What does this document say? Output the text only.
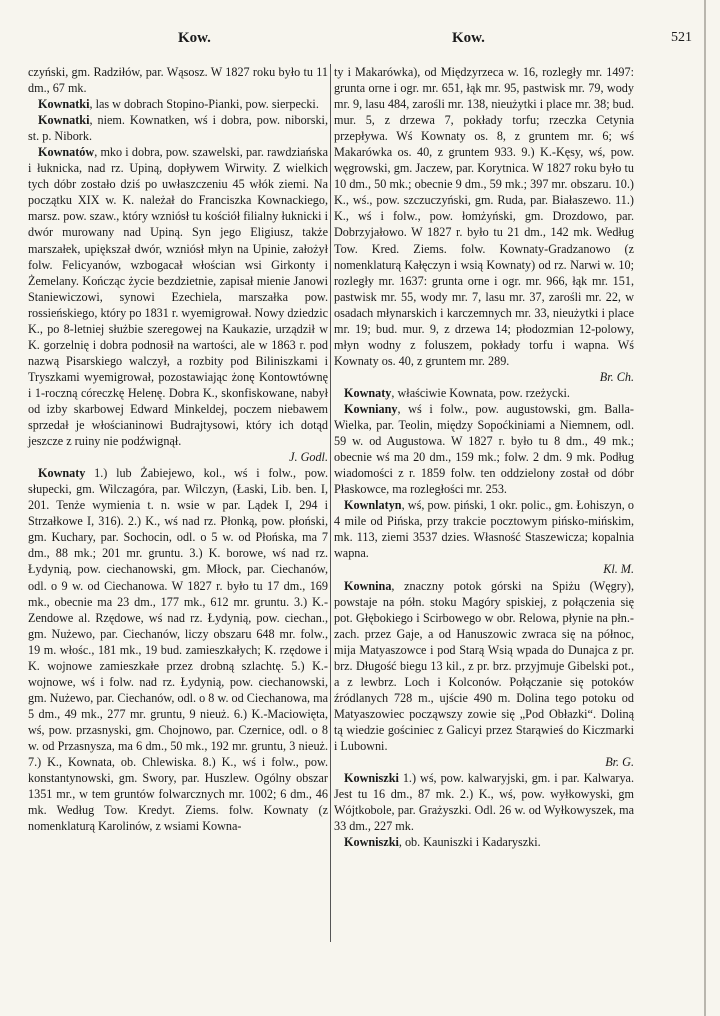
Kow.	Kow.	521

czyński, gm. Radziłów, par. Wąsosz. W 1827 roku było tu 11 dm., 67 mk.

Kownatki, las w dobrach Stopino-Pianki, pow. sierpecki.

Kownatki, niem. Kownatken, wś i dobra, pow. niborski, st. p. Nibork.

Kownatów, mko i dobra, pow. szawelski, par. rawdziańska i łuknicka, nad rz. Upiną, dopływem Wirwity. Z wielkich tych dóbr zostało dziś po uwłaszczeniu 45 włók ziemi. Na początku XIX w. K. należał do Franciszka Kownackiego, marsz. pow. szaw., który wzniósł tu kościół filialny łuknicki i dwór murowany nad Upiną. Syn jego Eligiusz, także marszałek, upiększał dwór, wzniósł młyn na Upinie, założył folw. Felicyanów, wzbogacał włościan wsi Girkonty i Żemelany. Kończąc życie bezdzietnie, zapisał mienie Janowi Staniewiczowi, synowi Ezechiela, marszałka pow. rossieńskiego, który po 1831 r. wyemigrował. Nowy dziedzic K., po 8-letniej służbie szeregowej na Kaukazie, urządził w K. gorzelnię i dobra podnosił na wartości, ale w 1863 r. pod nazwą Pisarskiego walczył, a rozbity pod Biliniszkami i Tryszkami wyemigrował, pozostawiając żonę Kontowtównę i 1-roczną córeczkę Helenę. Dobra K., skonfiskowane, nabył od izby skarbowej Edward Minkeldej, poczem niebawem sprzedał je włościaninowi Budrajtysowi, który ich dotąd jeszcze z ruiny nie podźwignął.
J. Godl.

Kownaty 1.) lub Żabiejewo, kol., wś i folw., pow. słupecki, gm. Wilczagóra, par. Wilczyn, (Łaski, Lib. ben. I, 201. Tenże wymienia t. n. wsie w par. Lądek I, 294 i Strzałkowe I, 316). 2.) K., wś nad rz. Płonką, pow. płoński, gm. Kuchary, par. Sochocin, odl. o 5 w. od Płońska, ma 7 dm., 88 mk.; 201 mr. gruntu. 3.) K. borowe, wś nad rz. Łydynią, pow. ciechanowski, gm. Młock, par. Ciechanów, odl. o 9 w. od Ciechanowa. W 1827 r. było tu 17 dm., 169 mk., obecnie ma 23 dm., 177 mk., 612 mr. gruntu. 3.) K.-Zendowe al. Rzędowe, wś nad rz. Łydynią, pow. ciechan., gm. Nużewo, par. Ciechanów, liczy obszaru 648 mr. folw., 19 m. włośc., 181 mk., 19 bud. zamieszkałych; K. rzędowe i K. wojnowe zamieszkałe przez drobną szlachtę. 5.) K.-wojnowe, wś i folw. nad rz. Łydynią, pow. ciechanowski, gm. Nużewo, par. Ciechanów, odl. o 8 w. od Ciechanowa, ma 5 dm., 49 mk., 277 mr. gruntu, 9 nieuż. 6.) K.-Maciowięta, wś, pow. przasnyski, gm. Chojnowo, par. Czernice, odl. o 8 w. od Przasnysza, ma 6 dm., 50 mk., 192 mr. gruntu, 3 nieuż. 7.) K., Kownata, ob. Chlewiska. 8.) K., wś i folw., pow. konstantynowski, gm. Swory, par. Huszlew. Ogólny obszar 1351 mr., w tem gruntów folwarcznych mr. 1002; 6 dm., 46 mk. Według Tow. Kredyt. Ziems. folw. Kownaty (z nomenklaturą Karolinów, z wsiami Kowna-

ty i Makarówka), od Międzyrzeca w. 16, rozległy mr. 1497: grunta orne i ogr. mr. 651, łąk mr. 95, pastwisk mr. 79, wody mr. 9, lasu 484, zarośli mr. 138, nieużytki i place mr. 38; bud. mur. 5, z drzewa 7, pokłady torfu; rzeczka Cetynia przepływa. Wś Kownaty os. 8, z gruntem mr. 6; wś Makarówka os. 40, z gruntem 933. 9.) K.-Kęsy, wś, pow. węgrowski, gm. Jaczew, par. Korytnica. W 1827 roku było tu 10 dm., 50 mk.; obecnie 9 dm., 59 mk.; 397 mr. obszaru. 10.) K., wś., pow. szczuczyński, gm. Ruda, par. Białaszewo. 11.) K., wś i folw., pow. łomżyński, gm. Drozdowo, par. Dobrzyjałowo. W 1827 r. było tu 21 dm., 142 mk. Według Tow. Kred. Ziems. folw. Kownaty-Gradzanowo (z nomenklaturą Kałęczyn i wsią Kownaty) od rz. Narwi w. 10; rozległy mr. 1637: grunta orne i ogr. mr. 966, łąk mr. 151, pastwisk mr. 55, wody mr. 7, lasu mr. 37, zarośli mr. 22, w osadach młynarskich i karczemnych mr. 33, nieużytki i place mr. 19; bud. mur. 9, z drzewa 14; płodozmian 12-polowy, młyn wodny z foluszem, pokłady torfu i wapna. Wś Kownaty os. 40, z gruntem mr. 289.
Br. Ch.

Kownaty, właściwie Kownata, pow. rzeżycki.

Kowniany, wś i folw., pow. augustowski, gm. Balla-Wielka, par. Teolin, między Sopoćkiniami a Niemnem, odl. 59 w. od Augustowa. W 1827 r. było tu 8 dm., 49 mk.; obecnie wś ma 20 dm., 159 mk.; folw. 2 dm. 9 mk. Podług wiadomości z r. 1859 folw. ten oddzielony został od dóbr Płaskowce, ma rozległości mr. 253.

Kownlatyn, wś, pow. piński, 1 okr. polic., gm. Łohiszyn, o 4 mile od Pińska, przy trakcie pocztowym pińsko-mińskim, mk. 113, ziemi 3537 dzies. Własność Staszewicza; kopalnia wapna.
Kl. M.

Kownina, znaczny potok górski na Spiżu (Węgry), powstaje na półn. stoku Magóry spiskiej, z połączenia się pot. Głębokiego i Scirbowego w obr. Relowa, płynie na płn.-zach. przez Gaje, a od Hanuszowic zwraca się na północ, mija Matyaszowce i pod Starą Wsią wpada do Dunajca z pr. brz. Długość biegu 13 kil., z pr. brz. przyjmuje Gibelski pot., a z lewbrz. Loch i Kolconów. Połączanie się potoków źródlanych 728 m., ujście 490 m. Dolina tego potoku od Matyaszowiec począwszy zowie się „Pod Obłazki“. Doliną tą wiedzie gościniec z Galicyi przez Starąwieś do Kiczmarki i Lubowni.
Br. G.

Kowniszki 1.) wś, pow. kalwaryjski, gm. i par. Kalwarya. Jest tu 16 dm., 87 mk. 2.) K., wś, pow. wyłkowyski, gm Wójtkobole, par. Grażyszki. Odl. 26 w. od Wyłkowyszek, ma 33 dm., 227 mk.

Kowniszki, ob. Kauniszki i Kadaryszki.
